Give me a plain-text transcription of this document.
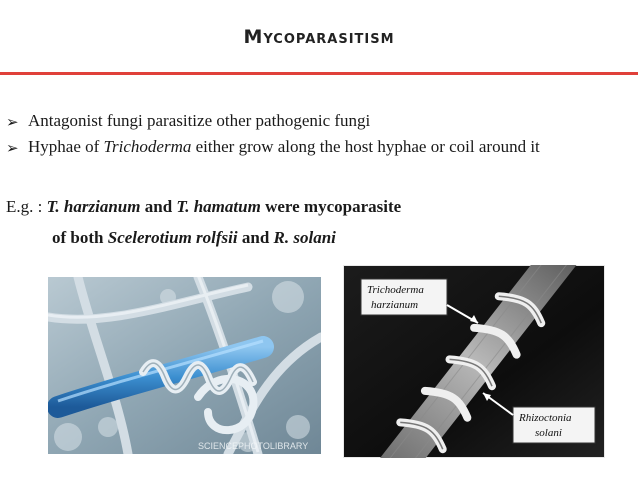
Mycoparasitism
➢ Antagonist fungi parasitize other pathogenic fungi
➢ Hyphae of Trichoderma either grow along the host hyphae or coil around it
E.g. : T. harzianum and T. hamatum were mycoparasite
of both Scelerotium rolfsii and R. solani
SCIENCEPHOTOLIBRARY
Trichoderma
harzianum
Rhizoctonia
solani
